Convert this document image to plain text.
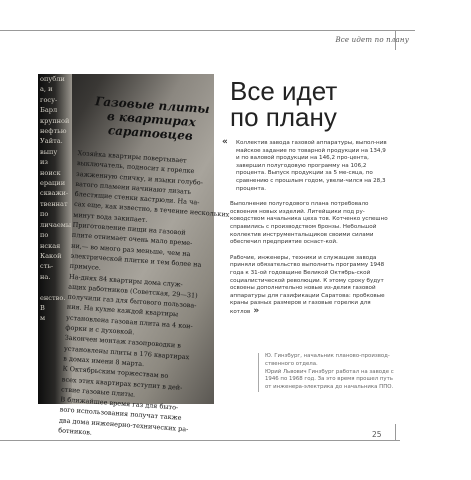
Все идет по плану
опубли
а, и
госу-
Барл
крупной
нефтью
Уайта.
выпу
из
ноиск
ерации
скважи-
твеннат
по
личаемы
по
нская
Какой
сть-
на.

енство.
В
м
Газовые плиты в квартирах саратовцев
Хозяйка квартиры повертывает
выключатель, подносит к горелке
зажженную спичку, и языки голубо-
ватого пламени начинают лизать
блестящие стенки кастрюли. На ча-
сах еще, как известно, в течение нескольких
минут вода закипает.
Приготовление пищи на газовой
плите отнимает очень мало време-
ни,— во много раз меньше, чем на
электрической плитке и тем более на
примусе.
На-днях 84 квартиры дома служ-
ащих работников (Советская, 29—31)
получили газ для бытового пользова-
ния. На кухне каждой квартиры
установлена газовая плита на 4 кон-
форки и с духовкой.
Закончен монтаж газопроводки в
установлены плиты в 176 квартирах
в домах имени 8 марта.
К Октябрьским торжествам во
всех этих квартирах вступит в дей-
ствие газовые плиты.
В ближайшее время газ для быто-
вого использования получат также
два дома инженерно-технических ра-
ботников.
Все идет
по плану

« Коллектив завода газовой аппаратуры, выпол-нив майское задание по товарной продукции на 134,9 и по валовой продукции на 146,2 про-цента, завершил полугодовую программу на 106,2 процента. Выпуск продукции за 5 ме-сяца, по сравнению с прошлым годом, увели-чился на 28,3 процента.

Выполнение полугодового плана потребовало освоения новых изделий. Литейщики под ру-ководством начальника цеха тов. Котченко успешно справились с производством бронзы. Небольшой коллектив инструментальщиков своими силами обеспечил предприятие оснаст-кой.

Рабочие, инженеры, техники и служащие завода приняли обязательство выполнить программу 1948 года к 31-ой годовщине Великой Октябрь-ской социалистической революции. К этому сроку будут освоены дополнительно новые из-делия газовой аппаратуры для газификации Саратова: пробковые краны разных размеров и газовые горелки для котлов »

Ю. Гинзбург, начальник планово-производ-ственного отдела.
Юрий Львович Гинзбург работал на заводе с 1946 по 1968 год. За это время прошел путь от инженера-электрика до начальника ППО.
25
